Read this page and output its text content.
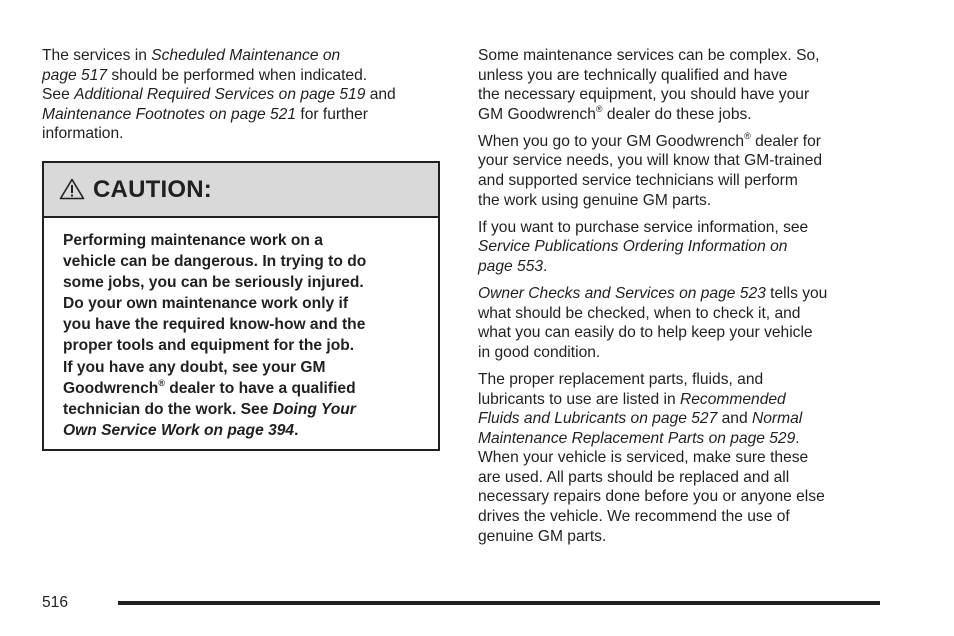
The services in Scheduled Maintenance on
page 517 should be performed when indicated.
See Additional Required Services on page 519 and
Maintenance Footnotes on page 521 for further
information.

CAUTION:
Performing maintenance work on a
vehicle can be dangerous. In trying to do
some jobs, you can be seriously injured.
Do your own maintenance work only if
you have the required know-how and the
proper tools and equipment for the job.
If you have any doubt, see your GM
Goodwrench® dealer to have a qualified
technician do the work. See Doing Your
Own Service Work on page 394.

Some maintenance services can be complex. So,
unless you are technically qualified and have
the necessary equipment, you should have your
GM Goodwrench® dealer do these jobs.

When you go to your GM Goodwrench® dealer for
your service needs, you will know that GM-trained
and supported service technicians will perform
the work using genuine GM parts.

If you want to purchase service information, see
Service Publications Ordering Information on
page 553.

Owner Checks and Services on page 523 tells you
what should be checked, when to check it, and
what you can easily do to help keep your vehicle
in good condition.

The proper replacement parts, fluids, and
lubricants to use are listed in Recommended
Fluids and Lubricants on page 527 and Normal
Maintenance Replacement Parts on page 529.
When your vehicle is serviced, make sure these
are used. All parts should be replaced and all
necessary repairs done before you or anyone else
drives the vehicle. We recommend the use of
genuine GM parts.

516
